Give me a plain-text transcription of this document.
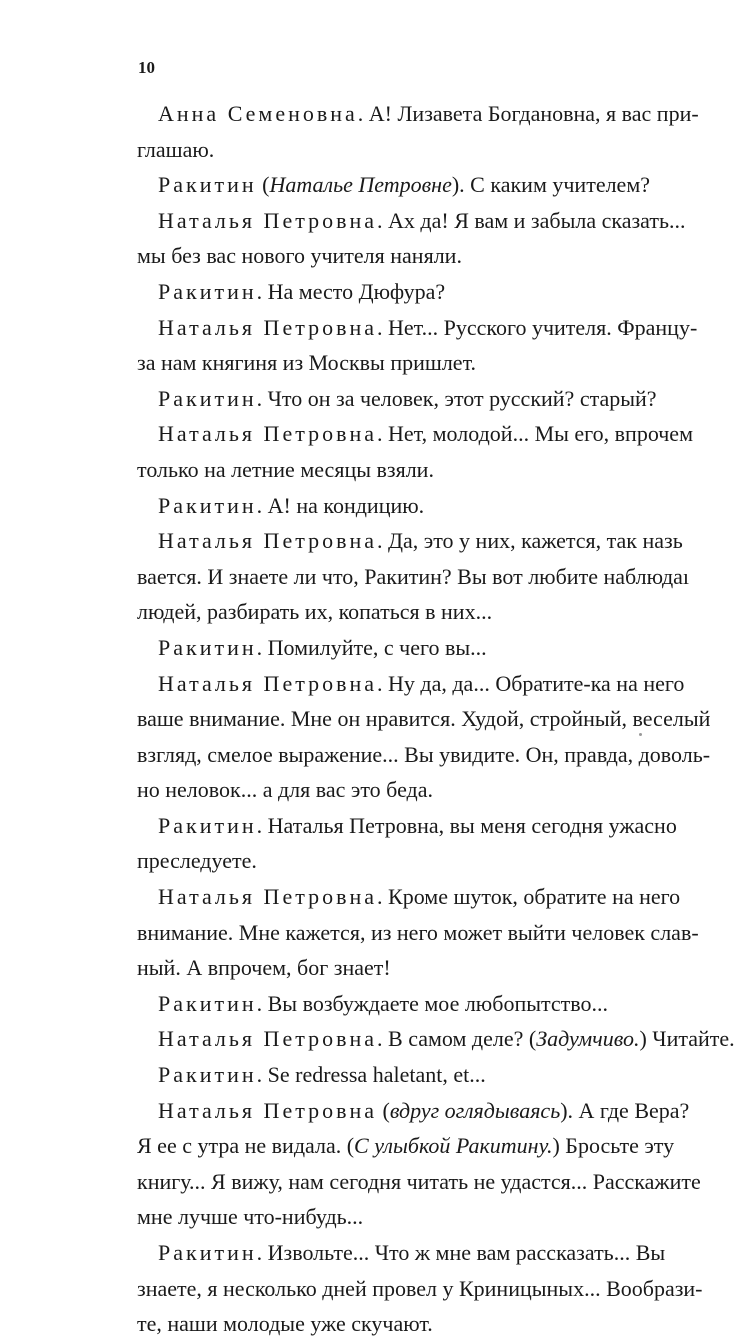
10
Анна Семеновна. А! Лизавета Богдановна, я вас при-
глашаю.
Ракитин (Наталье Петровне). С каким учителем?
Наталья Петровна. Ах да! Я вам и забыла сказать...
мы без вас нового учителя наняли.
Ракитин. На место Дюфура?
Наталья Петровна. Нет... Русского учителя. Францу-
за нам княгиня из Москвы пришлет.
Ракитин. Что он за человек, этот русский? старый?
Наталья Петровна. Нет, молодой... Мы его, впрочем
только на летние месяцы взяли.
Ракитин. А! на кондицию.
Наталья Петровна. Да, это у них, кажется, так назь
вается. И знаете ли что, Ракитин? Вы вот любите наблюдаı
людей, разбирать их, копаться в них...
Ракитин. Помилуйте, с чего вы...
Наталья Петровна. Ну да, да... Обратите-ка на него
ваше внимание. Мне он нравится. Худой, стройный, веселый
взгляд, смелое выражение... Вы увидите. Он, правда, доволь-
но неловок... а для вас это беда.
Ракитин. Наталья Петровна, вы меня сегодня ужасно
преследуете.
Наталья Петровна. Кроме шуток, обратите на него
внимание. Мне кажется, из него может выйти человек слав-
ный. А впрочем, бог знает!
Ракитин. Вы возбуждаете мое любопытство...
Наталья Петровна. В самом деле? (Задумчиво.) Читайте.
Ракитин. Se redressa haletant, et...
Наталья Петровна (вдруг оглядываясь). А где Вера?
Я ее с утра не видала. (С улыбкой Ракитину.) Бросьте эту
книгу... Я вижу, нам сегодня читать не удастся... Расскажите
мне лучше что-нибудь...
Ракитин. Извольте... Что ж мне вам рассказать... Вы
знаете, я несколько дней провел у Криницыных... Вообрази-
те, наши молодые уже скучают.
